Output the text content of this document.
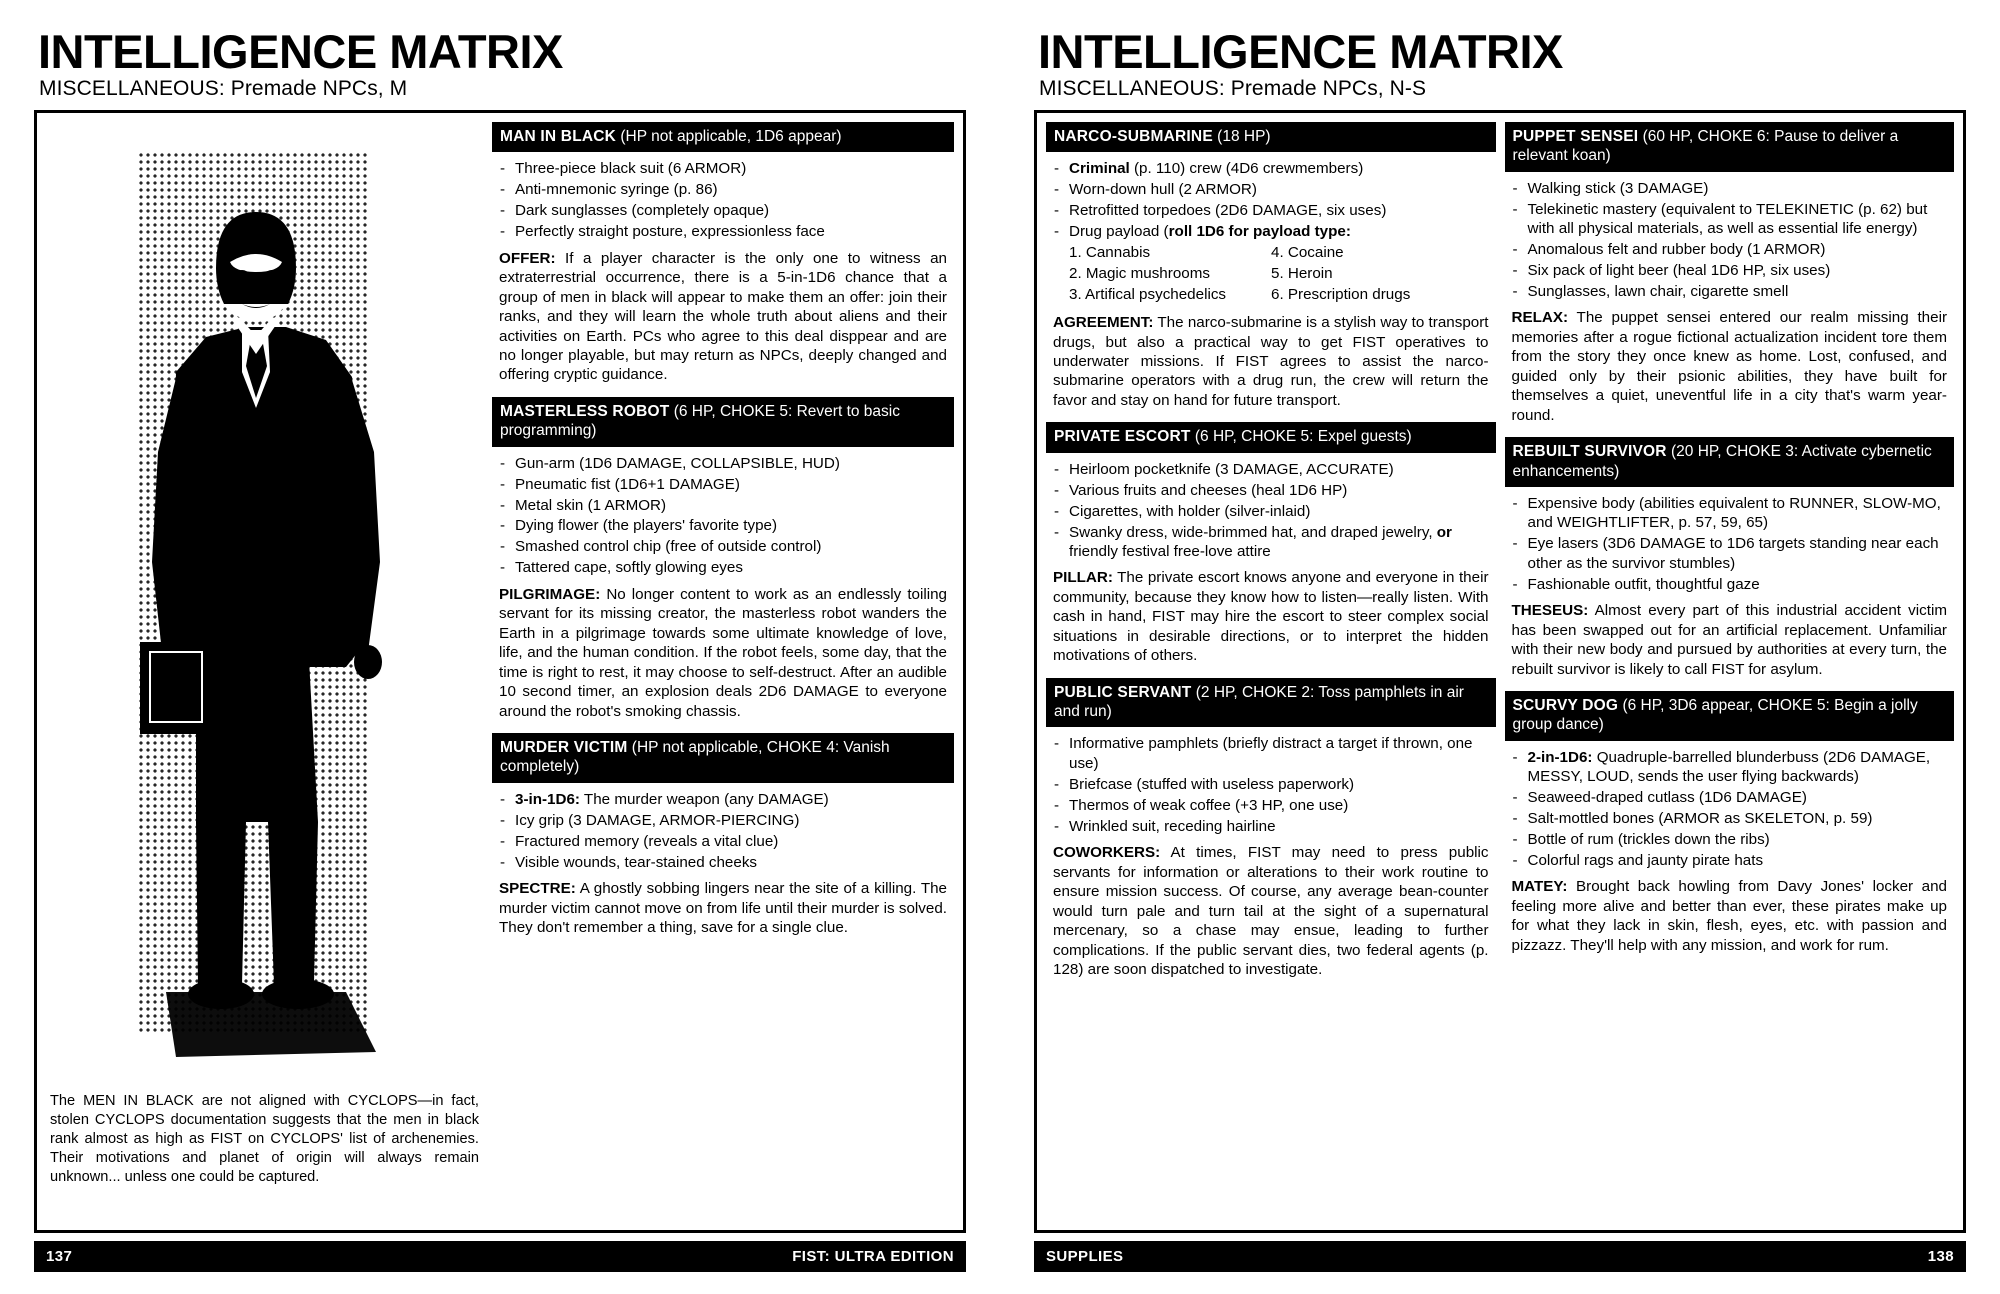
INTELLIGENCE MATRIX
MISCELLANEOUS: Premade NPCs, M
The MEN IN BLACK are not aligned with CYCLOPS—in fact, stolen CYCLOPS documentation suggests that the men in black rank almost as high as FIST on CYCLOPS' list of archenemies. Their motivations and planet of origin will always remain unknown... unless one could be captured.
MAN IN BLACK (HP not applicable, 1D6 appear)
- Three-piece black suit (6 ARMOR)
- Anti-mnemonic syringe (p. 86)
- Dark sunglasses (completely opaque)
- Perfectly straight posture, expressionless face
OFFER: If a player character is the only one to witness an extraterrestrial occurrence, there is a 5-in-1D6 chance that a group of men in black will appear to make them an offer: join their ranks, and they will learn the whole truth about aliens and their activities on Earth. PCs who agree to this deal disppear and are no longer playable, but may return as NPCs, deeply changed and offering cryptic guidance.
MASTERLESS ROBOT (6 HP, CHOKE 5: Revert to basic programming)
- Gun-arm (1D6 DAMAGE, COLLAPSIBLE, HUD)
- Pneumatic fist (1D6+1 DAMAGE)
- Metal skin (1 ARMOR)
- Dying flower (the players' favorite type)
- Smashed control chip (free of outside control)
- Tattered cape, softly glowing eyes
PILGRIMAGE: No longer content to work as an endlessly toiling servant for its missing creator, the masterless robot wanders the Earth in a pilgrimage towards some ultimate knowledge of love, life, and the human condition. If the robot feels, some day, that the time is right to rest, it may choose to self-destruct. After an audible 10 second timer, an explosion deals 2D6 DAMAGE to everyone around the robot's smoking chassis.
MURDER VICTIM (HP not applicable, CHOKE 4: Vanish completely)
- 3-in-1D6: The murder weapon (any DAMAGE)
- Icy grip (3 DAMAGE, ARMOR-PIERCING)
- Fractured memory (reveals a vital clue)
- Visible wounds, tear-stained cheeks
SPECTRE: A ghostly sobbing lingers near the site of a killing. The murder victim cannot move on from life until their murder is solved. They don't remember a thing, save for a single clue.
137	FIST: ULTRA EDITION
INTELLIGENCE MATRIX
MISCELLANEOUS: Premade NPCs, N-S
NARCO-SUBMARINE (18 HP)
- Criminal (p. 110) crew (4D6 crewmembers)
- Worn-down hull (2 ARMOR)
- Retrofitted torpedoes (2D6 DAMAGE, six uses)
- Drug payload (roll 1D6 for payload type:
1. Cannabis
2. Magic mushrooms
3. Artifical psychedelics
4. Cocaine
5. Heroin
6. Prescription drugs
AGREEMENT: The narco-submarine is a stylish way to transport drugs, but also a practical way to get FIST operatives to underwater missions. If FIST agrees to assist the narco-submarine operators with a drug run, the crew will return the favor and stay on hand for future transport.
PRIVATE ESCORT (6 HP, CHOKE 5: Expel guests)
- Heirloom pocketknife (3 DAMAGE, ACCURATE)
- Various fruits and cheeses (heal 1D6 HP)
- Cigarettes, with holder (silver-inlaid)
- Swanky dress, wide-brimmed hat, and draped jewelry, or friendly festival free-love attire
PILLAR: The private escort knows anyone and everyone in their community, because they know how to listen—really listen. With cash in hand, FIST may hire the escort to steer complex social situations in desirable directions, or to interpret the hidden motivations of others.
PUBLIC SERVANT (2 HP, CHOKE 2: Toss pamphlets in air and run)
- Informative pamphlets (briefly distract a target if thrown, one use)
- Briefcase (stuffed with useless paperwork)
- Thermos of weak coffee (+3 HP, one use)
- Wrinkled suit, receding hairline
COWORKERS: At times, FIST may need to press public servants for information or alterations to their work routine to ensure mission success. Of course, any average bean-counter would turn pale and turn tail at the sight of a supernatural mercenary, so a chase may ensue, leading to further complications. If the public servant dies, two federal agents (p. 128) are soon dispatched to investigate.
PUPPET SENSEI (60 HP, CHOKE 6: Pause to deliver a relevant koan)
- Walking stick (3 DAMAGE)
- Telekinetic mastery (equivalent to TELEKINETIC (p. 62) but with all physical materials, as well as essential life energy)
- Anomalous felt and rubber body (1 ARMOR)
- Six pack of light beer (heal 1D6 HP, six uses)
- Sunglasses, lawn chair, cigarette smell
RELAX: The puppet sensei entered our realm missing their memories after a rogue fictional actualization incident tore them from the story they once knew as home. Lost, confused, and guided only by their psionic abilities, they have built for themselves a quiet, uneventful life in a city that's warm year-round.
REBUILT SURVIVOR (20 HP, CHOKE 3: Activate cybernetic enhancements)
- Expensive body (abilities equivalent to RUNNER, SLOW-MO, and WEIGHTLIFTER, p. 57, 59, 65)
- Eye lasers (3D6 DAMAGE to 1D6 targets standing near each other as the survivor stumbles)
- Fashionable outfit, thoughtful gaze
THESEUS: Almost every part of this industrial accident victim has been swapped out for an artificial replacement. Unfamiliar with their new body and pursued by authorities at every turn, the rebuilt survivor is likely to call FIST for asylum.
SCURVY DOG (6 HP, 3D6 appear, CHOKE 5: Begin a jolly group dance)
- 2-in-1D6: Quadruple-barrelled blunderbuss (2D6 DAMAGE, MESSY, LOUD, sends the user flying backwards)
- Seaweed-draped cutlass (1D6 DAMAGE)
- Salt-mottled bones (ARMOR as SKELETON, p. 59)
- Bottle of rum (trickles down the ribs)
- Colorful rags and jaunty pirate hats
MATEY: Brought back howling from Davy Jones' locker and feeling more alive and better than ever, these pirates make up for what they lack in skin, flesh, eyes, etc. with passion and pizzazz. They'll help with any mission, and work for rum.
SUPPLIES	138
